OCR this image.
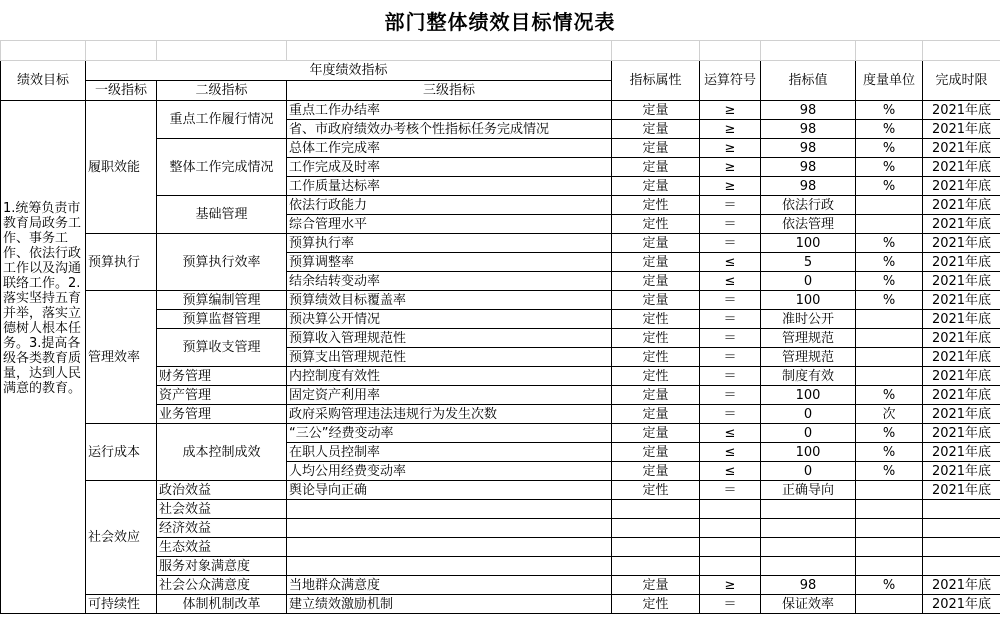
部门整体绩效目标情况表

绩效目标	年度绩效指标			指标属性	运算符号	指标值	度量单位	完成时限
	一级指标	二级指标	三级指标					
1.统筹负责市教育局政务工作、事务工作、依法行政工作以及沟通联络工作。2.落实坚持五育并举，落实立德树人根本任务。3.提高各级各类教育质量，达到人民满意的教育。	履职效能	重点工作履行情况	重点工作办结率	定量	≥	98	%	2021年底
			省、市政府绩效办考核个性指标任务完成情况	定量	≥	98	%	2021年底
		整体工作完成情况	总体工作完成率	定量	≥	98	%	2021年底
			工作完成及时率	定量	≥	98	%	2021年底
			工作质量达标率	定量	≥	98	%	2021年底
		基础管理	依法行政能力	定性	＝	依法行政		2021年底
			综合管理水平	定性	＝	依法管理		2021年底
	预算执行	预算执行效率	预算执行率	定量	＝	100	%	2021年底
			预算调整率	定量	≤	5	%	2021年底
			结余结转变动率	定量	≤	0	%	2021年底
	管理效率	预算编制管理	预算绩效目标覆盖率	定量	＝	100	%	2021年底
		预算监督管理	预决算公开情况	定性	＝	准时公开		2021年底
		预算收支管理	预算收入管理规范性	定性	＝	管理规范		2021年底
			预算支出管理规范性	定性	＝	管理规范		2021年底
		财务管理	内控制度有效性	定性	＝	制度有效		2021年底
		资产管理	固定资产利用率	定量	＝	100	%	2021年底
		业务管理	政府采购管理违法违规行为发生次数	定量	＝	0	次	2021年底
	运行成本	成本控制成效	“三公”经费变动率	定量	≤	0	%	2021年底
			在职人员控制率	定量	≤	100	%	2021年底
			人均公用经费变动率	定量	≤	0	%	2021年底
	社会效应	政治效益	舆论导向正确	定性	＝	正确导向		2021年底
		社会效益						
		经济效益						
		生态效益						
		服务对象满意度						
		社会公众满意度	当地群众满意度	定量	≥	98	%	2021年底
	可持续性	体制机制改革	建立绩效激励机制	定性	＝	保证效率		2021年底
